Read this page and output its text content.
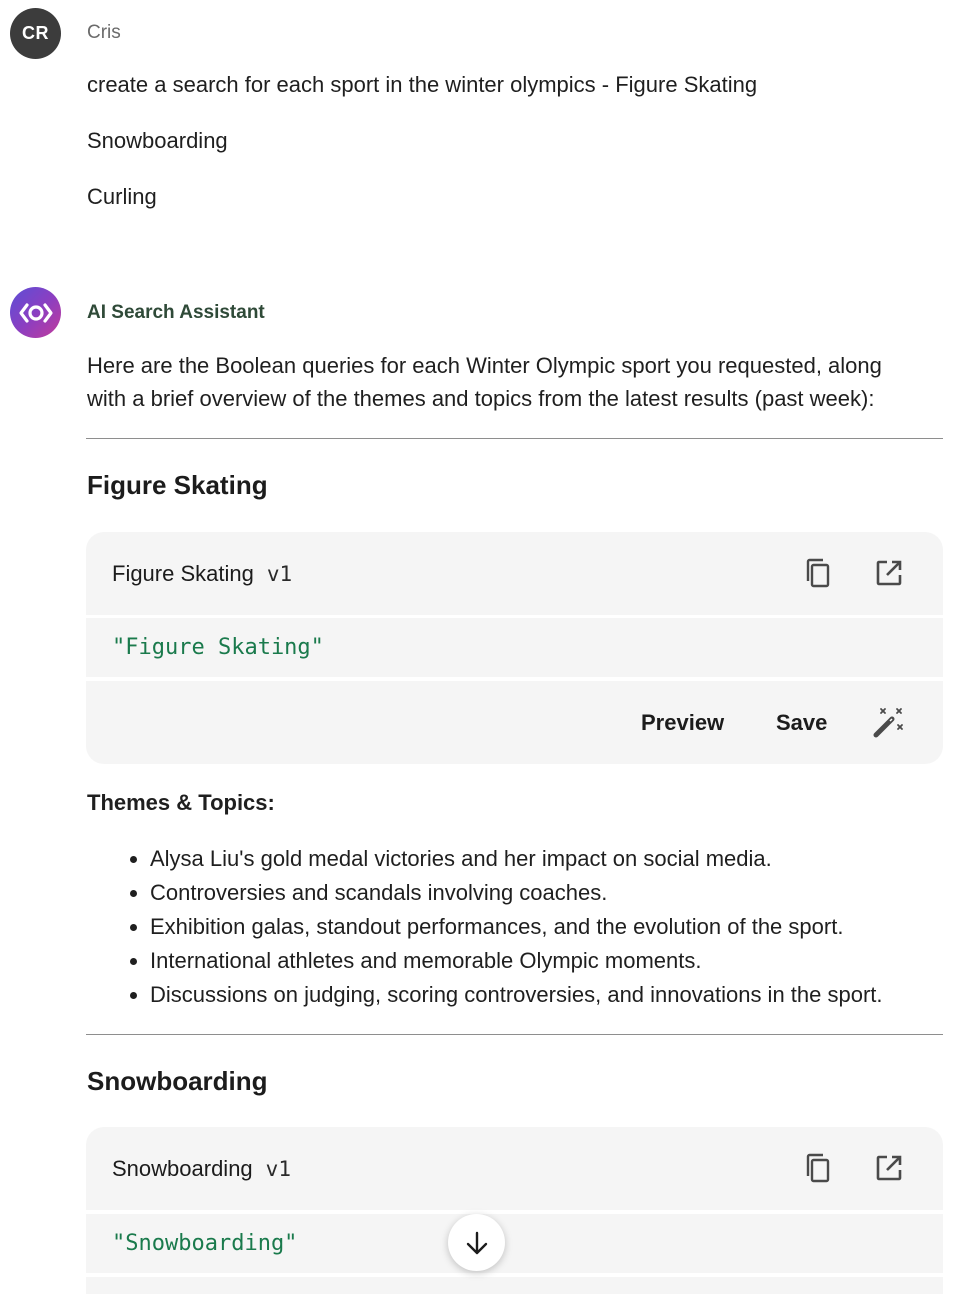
CR Cris

create a search for each sport in the winter olympics - Figure Skating

Snowboarding

Curling

AI Search Assistant

Here are the Boolean queries for each Winter Olympic sport you requested, along with a brief overview of the themes and topics from the latest results (past week):

Figure Skating
Figure Skating v1
"Figure Skating"
Preview Save

Themes & Topics:

Alysa Liu's gold medal victories and her impact on social media.
Controversies and scandals involving coaches.
Exhibition galas, standout performances, and the evolution of the sport.
International athletes and memorable Olympic moments.
Discussions on judging, scoring controversies, and innovations in the sport.
Snowboarding
Snowboarding v1
"Snowboarding"
